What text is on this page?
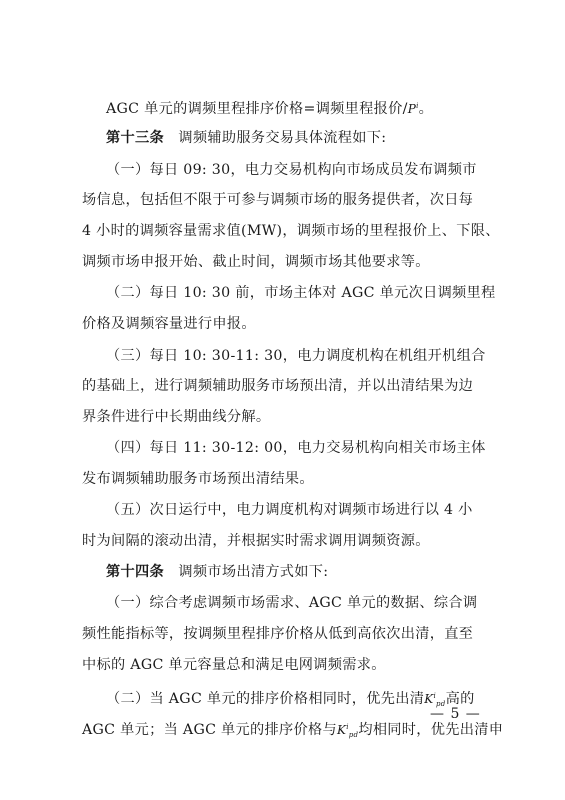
AGC 单元的调频里程排序价格=调频里程报价$/P^i$。
第十三条 调频辅助服务交易具体流程如下:
（一）每日 09: 30，电力交易机构向市场成员发布调频市
场信息，包括但不限于可参与调频市场的服务提供者，次日每
4 小时的调频容量需求值(MW)，调频市场的里程报价上、下限、
调频市场申报开始、截止时间，调频市场其他要求等。
（二）每日 10: 30 前，市场主体对 AGC 单元次日调频里程
价格及调频容量进行申报。
（三）每日 10: 30-11: 30，电力调度机构在机组开机组合
的基础上，进行调频辅助服务市场预出清，并以出清结果为边
界条件进行中长期曲线分解。
（四）每日 11: 30-12: 00，电力交易机构向相关市场主体
发布调频辅助服务市场预出清结果。
（五）次日运行中，电力调度机构对调频市场进行以 4 小
时为间隔的滚动出清，并根据实时需求调用调频资源。
第十四条 调频市场出清方式如下:
（一）综合考虑调频市场需求、AGC 单元的数据、综合调
频性能指标等，按调频里程排序价格从低到高依次出清，直至
中标的 AGC 单元容量总和满足电网调频需求。
（二）当 AGC 单元的排序价格相同时，优先出清$K^i_{pd}$高的
AGC 单元；当 AGC 单元的排序价格与$K^i_{pd}$均相同时，优先出清申
— 5 —
